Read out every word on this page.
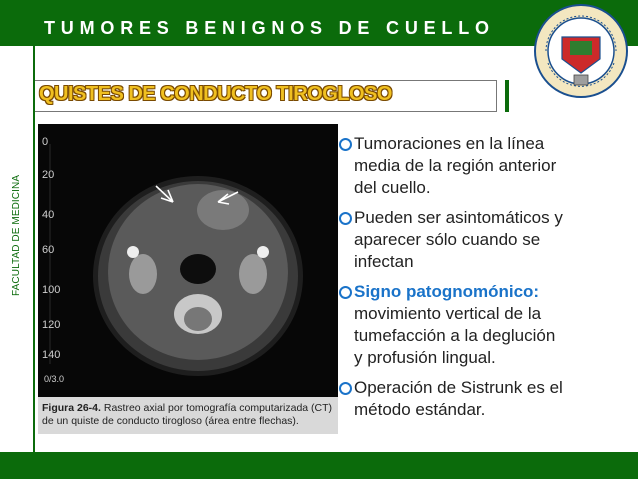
TUMORES BENIGNOS DE CUELLO
FACULTAD DE MEDICINA
QUISTES DE CONDUCTO TIROGLOSO
0
20
40
60
100
120
140
0/3.0
Figura 26-4. Rastreo axial por tomografía computarizada (CT) de un quiste de conducto tirogloso (área entre flechas).
Tumoraciones en la línea
media de la región anterior
del cuello.
Pueden ser asintomáticos y
aparecer sólo cuando se
infectan
Signo patognomónico:
movimiento vertical de la
tumefacción a la deglución
y profusión lingual.
Operación de Sistrunk es el
método estándar.
